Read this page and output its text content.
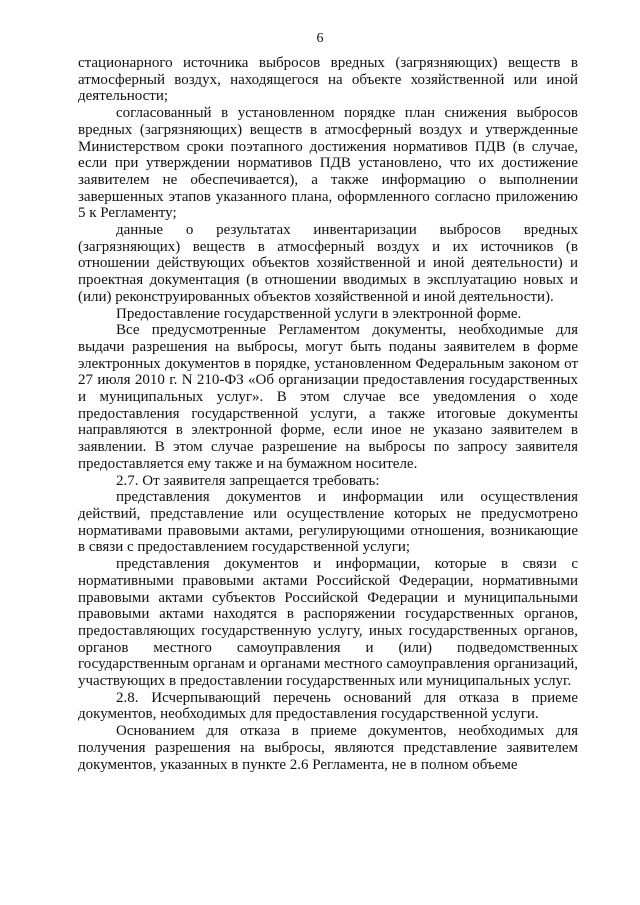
6

стационарного источника выбросов вредных (загрязняющих) веществ в атмосферный воздух, находящегося на объекте хозяйственной или иной деятельности;

согласованный в установленном порядке план снижения выбросов вредных (загрязняющих) веществ в атмосферный воздух и утвержденные Министерством сроки поэтапного достижения нормативов ПДВ (в случае, если при утверждении нормативов ПДВ установлено, что их достижение заявителем не обеспечивается), а также информацию о выполнении завершенных этапов указанного плана, оформленного согласно приложению 5 к Регламенту;

данные о результатах инвентаризации выбросов вредных (загрязняющих) веществ в атмосферный воздух и их источников (в отношении действующих объектов хозяйственной и иной деятельности) и проектная документация (в отношении вводимых в эксплуатацию новых и (или) реконструированных объектов хозяйственной и иной деятельности).

Предоставление государственной услуги в электронной форме.

Все предусмотренные Регламентом документы, необходимые для выдачи разрешения на выбросы, могут быть поданы заявителем в форме электронных документов в порядке, установленном Федеральным законом от 27 июля 2010 г. N 210-ФЗ «Об организации предоставления государственных и муниципальных услуг». В этом случае все уведомления о ходе предоставления государственной услуги, а также итоговые документы направляются в электронной форме, если иное не указано заявителем в заявлении. В этом случае разрешение на выбросы по запросу заявителя предоставляется ему также и на бумажном носителе.

2.7. От заявителя запрещается требовать:

представления документов и информации или осуществления действий, представление или осуществление которых не предусмотрено нормативами правовыми актами, регулирующими отношения, возникающие в связи с предоставлением государственной услуги;

представления документов и информации, которые в связи с нормативными правовыми актами Российской Федерации, нормативными правовыми актами субъектов Российской Федерации и муниципальными правовыми актами находятся в распоряжении государственных органов, предоставляющих государственную услугу, иных государственных органов, органов местного самоуправления и (или) подведомственных государственным органам и органами местного самоуправления организаций, участвующих в предоставлении государственных или муниципальных услуг.

2.8. Исчерпывающий перечень оснований для отказа в приеме документов, необходимых для предоставления государственной услуги.

Основанием для отказа в приеме документов, необходимых для получения разрешения на выбросы, являются представление заявителем документов, указанных в пункте 2.6 Регламента, не в полном объеме
